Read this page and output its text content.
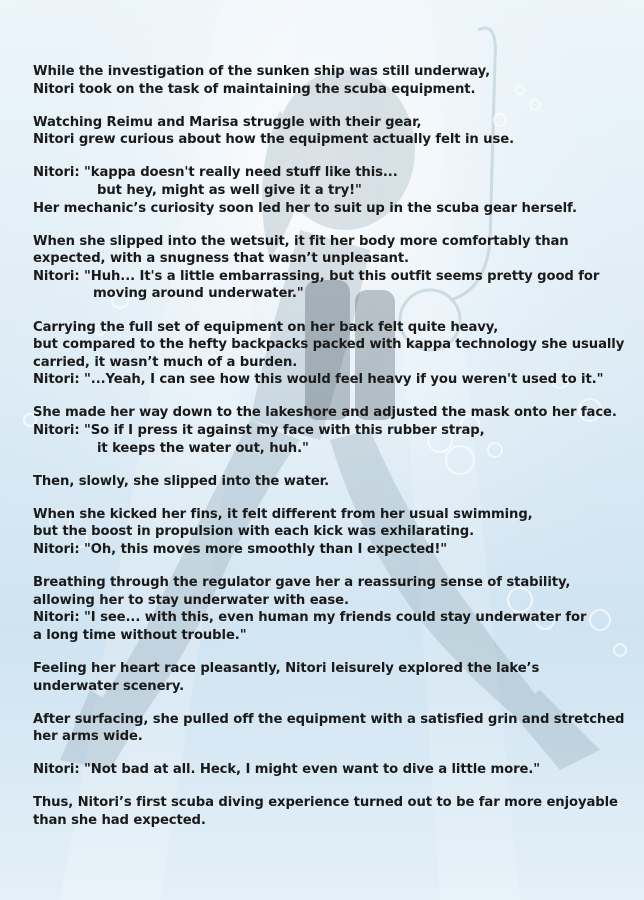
While the investigation of the sunken ship was still underway,
Nitori took on the task of maintaining the scuba equipment.

Watching Reimu and Marisa struggle with their gear,
Nitori grew curious about how the equipment actually felt in use.

Nitori: "kappa doesn't really need stuff like this...
but hey, might as well give it a try!"
Her mechanic’s curiosity soon led her to suit up in the scuba gear herself.

When she slipped into the wetsuit, it fit her body more comfortably than
expected, with a snugness that wasn’t unpleasant.
Nitori: "Huh... It's a little embarrassing, but this outfit seems pretty good for
moving around underwater."

Carrying the full set of equipment on her back felt quite heavy,
but compared to the hefty backpacks packed with kappa technology she usually
carried, it wasn’t much of a burden.
Nitori: "...Yeah, I can see how this would feel heavy if you weren't used to it."

She made her way down to the lakeshore and adjusted the mask onto her face.
Nitori: "So if I press it against my face with this rubber strap,
it keeps the water out, huh."

Then, slowly, she slipped into the water.

When she kicked her fins, it felt different from her usual swimming,
but the boost in propulsion with each kick was exhilarating.
Nitori: "Oh, this moves more smoothly than I expected!"

Breathing through the regulator gave her a reassuring sense of stability,
allowing her to stay underwater with ease.
Nitori: "I see... with this, even human my friends could stay underwater for
a long time without trouble."

Feeling her heart race pleasantly, Nitori leisurely explored the lake’s
underwater scenery.

After surfacing, she pulled off the equipment with a satisfied grin and stretched
her arms wide.

Nitori: "Not bad at all. Heck, I might even want to dive a little more."

Thus, Nitori’s first scuba diving experience turned out to be far more enjoyable
than she had expected.
